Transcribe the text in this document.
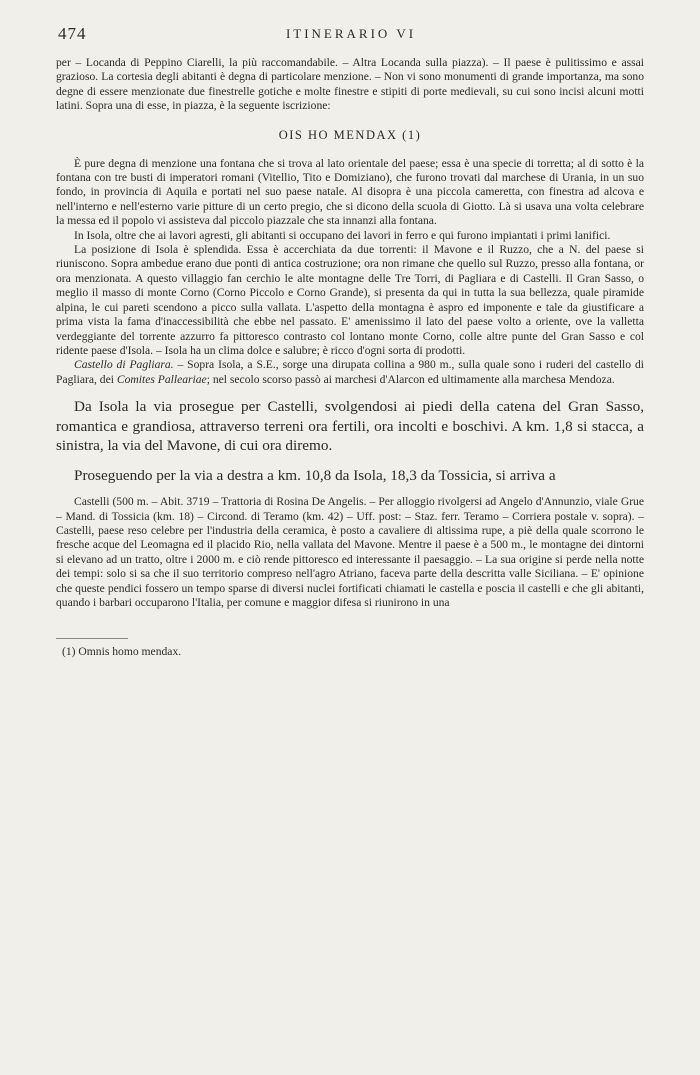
474	ITINERARIO VI

per – Locanda di Peppino Ciarelli, la più raccomandabile. – Altra Locanda sulla piazza). – Il paese è pulitissimo e assai grazioso. La cortesia degli abitanti è degna di particolare menzione. – Non vi sono monumenti di grande importanza, ma sono degne di essere menzionate due finestrelle gotiche e molte finestre e stipiti di porte medievali, su cui sono incisi alcuni motti latini. Sopra una di esse, in piazza, è la seguente iscrizione:

OIS HO MENDAX (1)

È pure degna di menzione una fontana che si trova al lato orientale del paese; essa è una specie di torretta; al di sotto è la fontana con tre busti di imperatori romani (Vitellio, Tito e Domiziano), che furono trovati dal marchese di Urania, in un suo fondo, in provincia di Aquila e portati nel suo paese natale. Al disopra è una piccola cameretta, con finestra ad alcova e nell'interno e nell'esterno varie pitture di un certo pregio, che si dicono della scuola di Giotto. Là si usava una volta celebrare la messa ed il popolo vi assisteva dal piccolo piazzale che sta innanzi alla fontana.

In Isola, oltre che ai lavori agresti, gli abitanti si occupano dei lavori in ferro e qui furono impiantati i primi lanifici.

La posizione di Isola è splendida. Essa è accerchiata da due torrenti: il Mavone e il Ruzzo, che a N. del paese si riuniscono. Sopra ambedue erano due ponti di antica costruzione; ora non rimane che quello sul Ruzzo, presso alla fontana, or ora menzionata. A questo villaggio fan cerchio le alte montagne delle Tre Torri, di Pagliara e di Castelli. Il Gran Sasso, o meglio il masso di monte Corno (Corno Piccolo e Corno Grande), si presenta da qui in tutta la sua bellezza, quale piramide alpina, le cui pareti scendono a picco sulla vallata. L'aspetto della montagna è aspro ed imponente e tale da giustificare a prima vista la fama d'inaccessibilità che ebbe nel passato. E' amenissimo il lato del paese volto a oriente, ove la valletta verdeggiante del torrente azzurro fa pittoresco contrasto col lontano monte Corno, colle altre punte del Gran Sasso e col ridente paese d'Isola. – Isola ha un clima dolce e salubre; è ricco d'ogni sorta di prodotti.

Castello di Pagliara. – Sopra Isola, a S.E., sorge una dirupata collina a 980 m., sulla quale sono i ruderi del castello di Pagliara, dei Comites Palleariae; nel secolo scorso passò ai marchesi d'Alarcon ed ultimamente alla marchesa Mendoza.

Da Isola la via prosegue per Castelli, svolgendosi ai piedi della catena del Gran Sasso, romantica e grandiosa, attraverso terreni ora fertili, ora incolti e boschivi. A km. 1,8 si stacca, a sinistra, la via del Mavone, di cui ora diremo.

Proseguendo per la via a destra a km. 10,8 da Isola, 18,3 da Tossicia, si arriva a

Castelli (500 m. – Abit. 3719 – Trattoria di Rosina De Angelis. – Per alloggio rivolgersi ad Angelo d'Annunzio, viale Grue – Mand. di Tossicia (km. 18) – Circond. di Teramo (km. 42) – Uff. post: – Staz. ferr. Teramo – Corriera postale v. sopra). – Castelli, paese reso celebre per l'industria della ceramica, è posto a cavaliere di altissima rupe, a piè della quale scorrono le fresche acque del Leomagna ed il placido Rio, nella vallata del Mavone. Mentre il paese è a 500 m., le montagne dei dintorni si elevano ad un tratto, oltre i 2000 m. e ciò rende pittoresco ed interessante il paesaggio. – La sua origine si perde nella notte dei tempi: solo si sa che il suo territorio compreso nell'agro Atriano, faceva parte della descritta valle Siciliana. – E' opinione che queste pendici fossero un tempo sparse di diversi nuclei fortificati chiamati le castella e poscia il castelli e che gli abitanti, quando i barbari occuparono l'Italia, per comune e maggior difesa si riunirono in una

(1) Omnis homo mendax.
